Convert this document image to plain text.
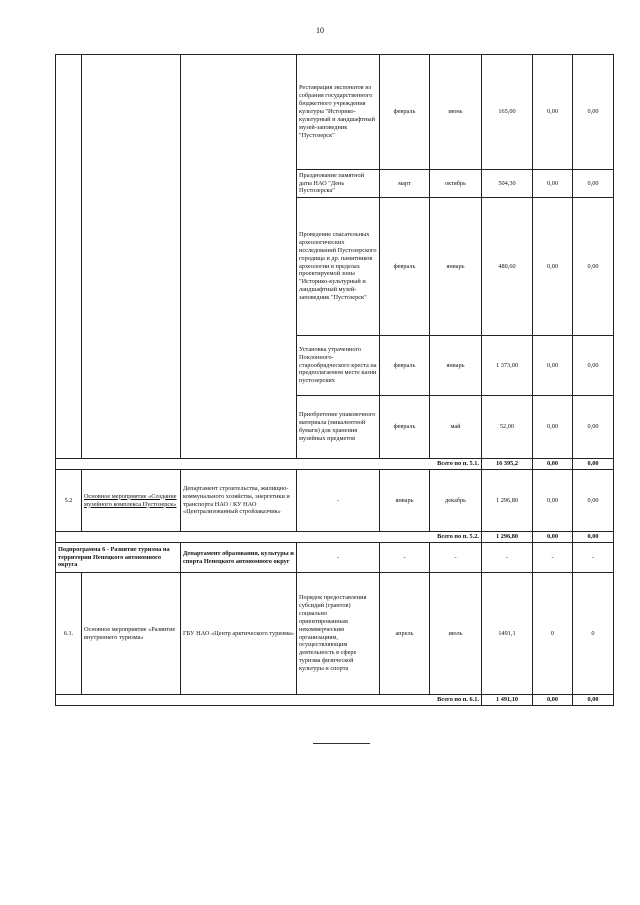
10
			Реставрация экспонатов из собрания государственного бюджетного учреждения культуры "Историко-культурный и ландшафтный музей-заповедник "Пустозерск"	февраль	июнь	165,00	0,00	0,00
			Празднование памятной даты НАО "День Пустозерска"	март	октябрь	504,30	0,00	0,00
			Проведение спасательных археологических исследований Пустозерского городища и др. памятников археологии в пределах проектируемой зоны "Историко-культурный и ландшафтный музей-заповедник "Пустозерск"	февраль	январь	480,60	0,00	0,00
			Установка утраченного Поклонного-старообрядческого креста на предполагаемом месте казни пустозерских	февраль	январь	1 373,00	0,00	0,00
			Приобретение упаковочного материала (микалентной бумаги) для хранения музейных предметов	февраль	май	52,00	0,00	0,00
Всего по п. 5.1.						16 395,2	0,00	0,00
5.2	Основное мероприятие «Создание музейного комплекса Пустозерск»	Департамент строительства, жилищно-коммунального хозяйства, энергетики и транспорта НАО / КУ НАО «Централизованный стройзаказчик»	-	январь	декабрь	1 296,80	0,00	0,00
Всего по п. 5.2.						1 296,80	0,00	0,00
Подпрограмма 6 - Развитие туризма на территории Ненецкого автономного округа		Департамент образования, культуры и спорта Ненецкого автономного округ	-	-	-	-	-	-
6.1.	Основное мероприятие «Развитие внутреннего туризма»	ГБУ НАО «Центр арктического туризма»	Порядок предоставления субсидий (грантов) социально ориентированным некоммерческим организациям, осуществляющим деятельность в сфере туризма физической культуры и спорта	апрель	июль	1491,1	0	0
Всего по п. 6.1.						1 491,10	0,00	0,00
